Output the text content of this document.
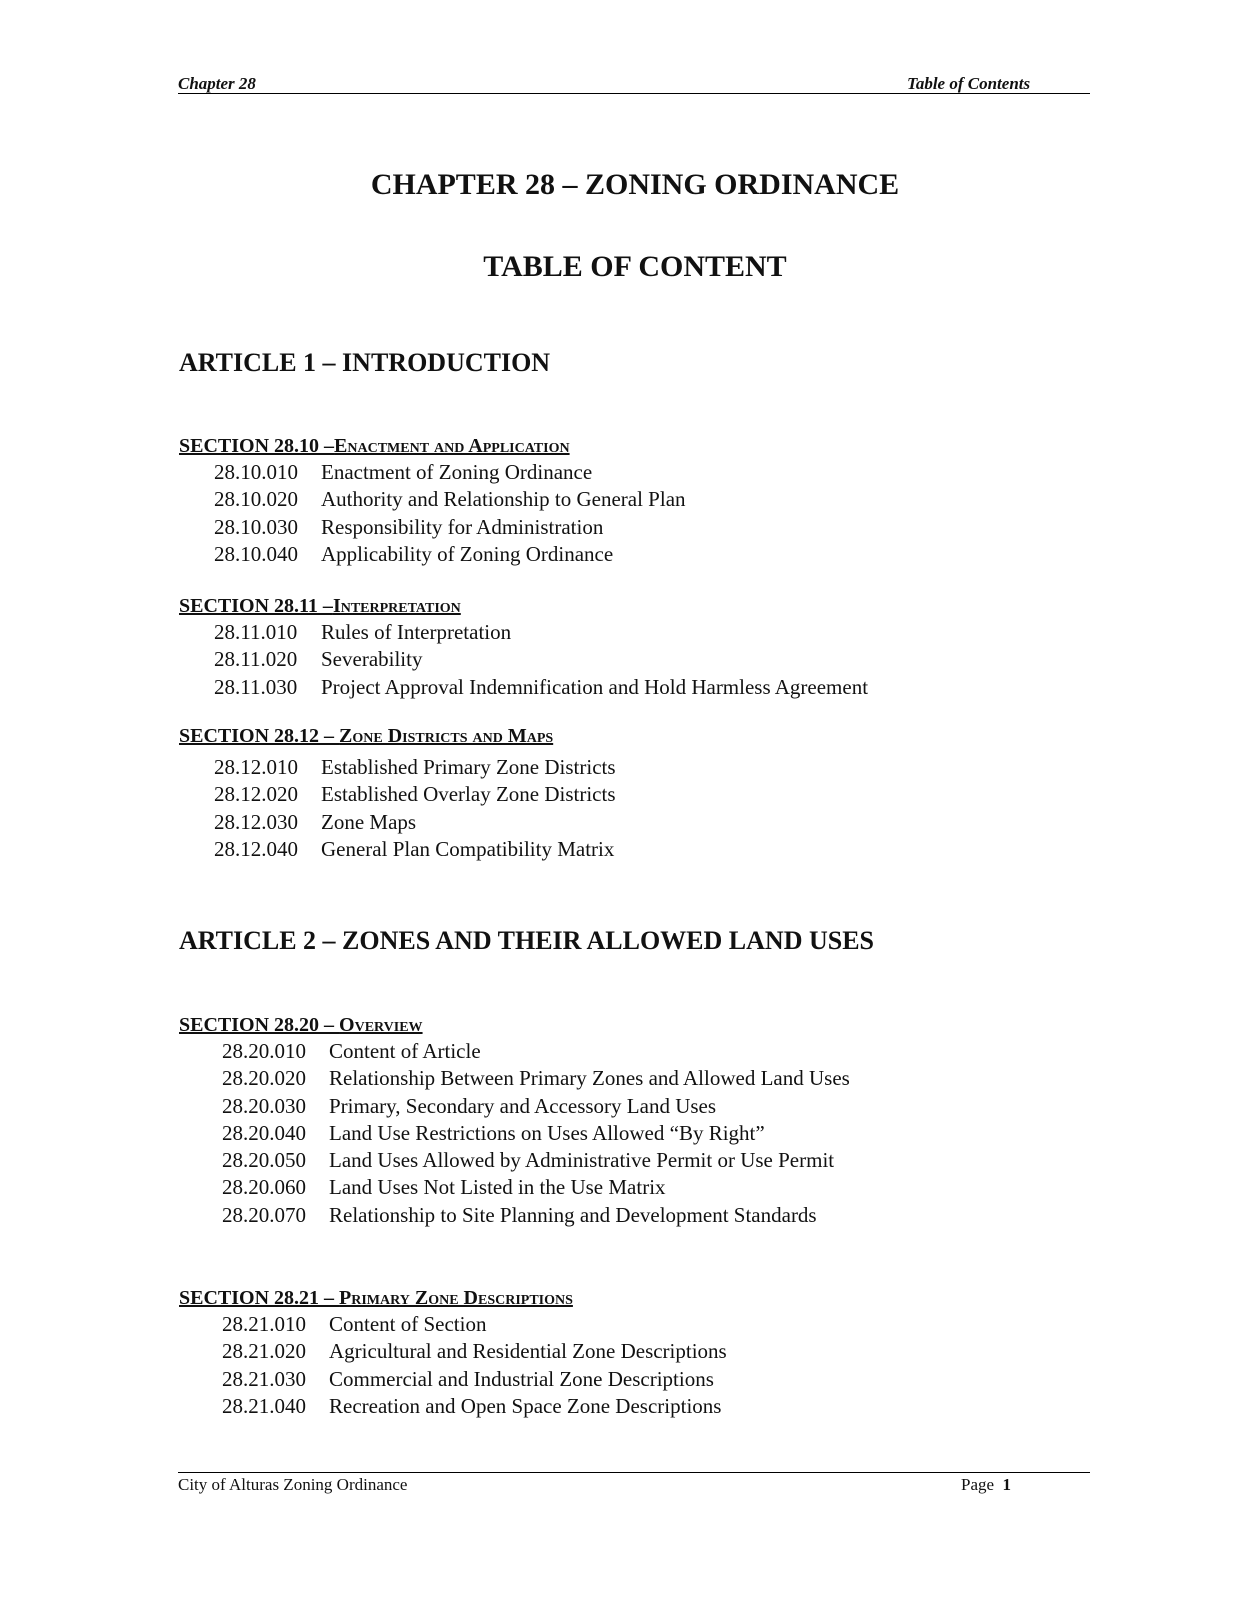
Chapter 28	Table of Contents
CHAPTER 28 – ZONING ORDINANCE
TABLE OF CONTENT
ARTICLE 1 – INTRODUCTION
SECTION 28.10 –Enactment and Application
28.10.010 Enactment of Zoning Ordinance
28.10.020 Authority and Relationship to General Plan
28.10.030 Responsibility for Administration
28.10.040 Applicability of Zoning Ordinance
SECTION 28.11 –Interpretation
28.11.010 Rules of Interpretation
28.11.020 Severability
28.11.030 Project Approval Indemnification and Hold Harmless Agreement
SECTION 28.12 – Zone Districts and Maps
28.12.010 Established Primary Zone Districts
28.12.020 Established Overlay Zone Districts
28.12.030 Zone Maps
28.12.040 General Plan Compatibility Matrix
ARTICLE 2 – ZONES AND THEIR ALLOWED LAND USES
SECTION 28.20 – Overview
28.20.010 Content of Article
28.20.020 Relationship Between Primary Zones and Allowed Land Uses
28.20.030 Primary, Secondary and Accessory Land Uses
28.20.040 Land Use Restrictions on Uses Allowed “By Right”
28.20.050 Land Uses Allowed by Administrative Permit or Use Permit
28.20.060 Land Uses Not Listed in the Use Matrix
28.20.070 Relationship to Site Planning and Development Standards
SECTION 28.21 – Primary Zone Descriptions
28.21.010 Content of Section
28.21.020 Agricultural and Residential Zone Descriptions
28.21.030 Commercial and Industrial Zone Descriptions
28.21.040 Recreation and Open Space Zone Descriptions
City of Alturas Zoning Ordinance	Page 1
